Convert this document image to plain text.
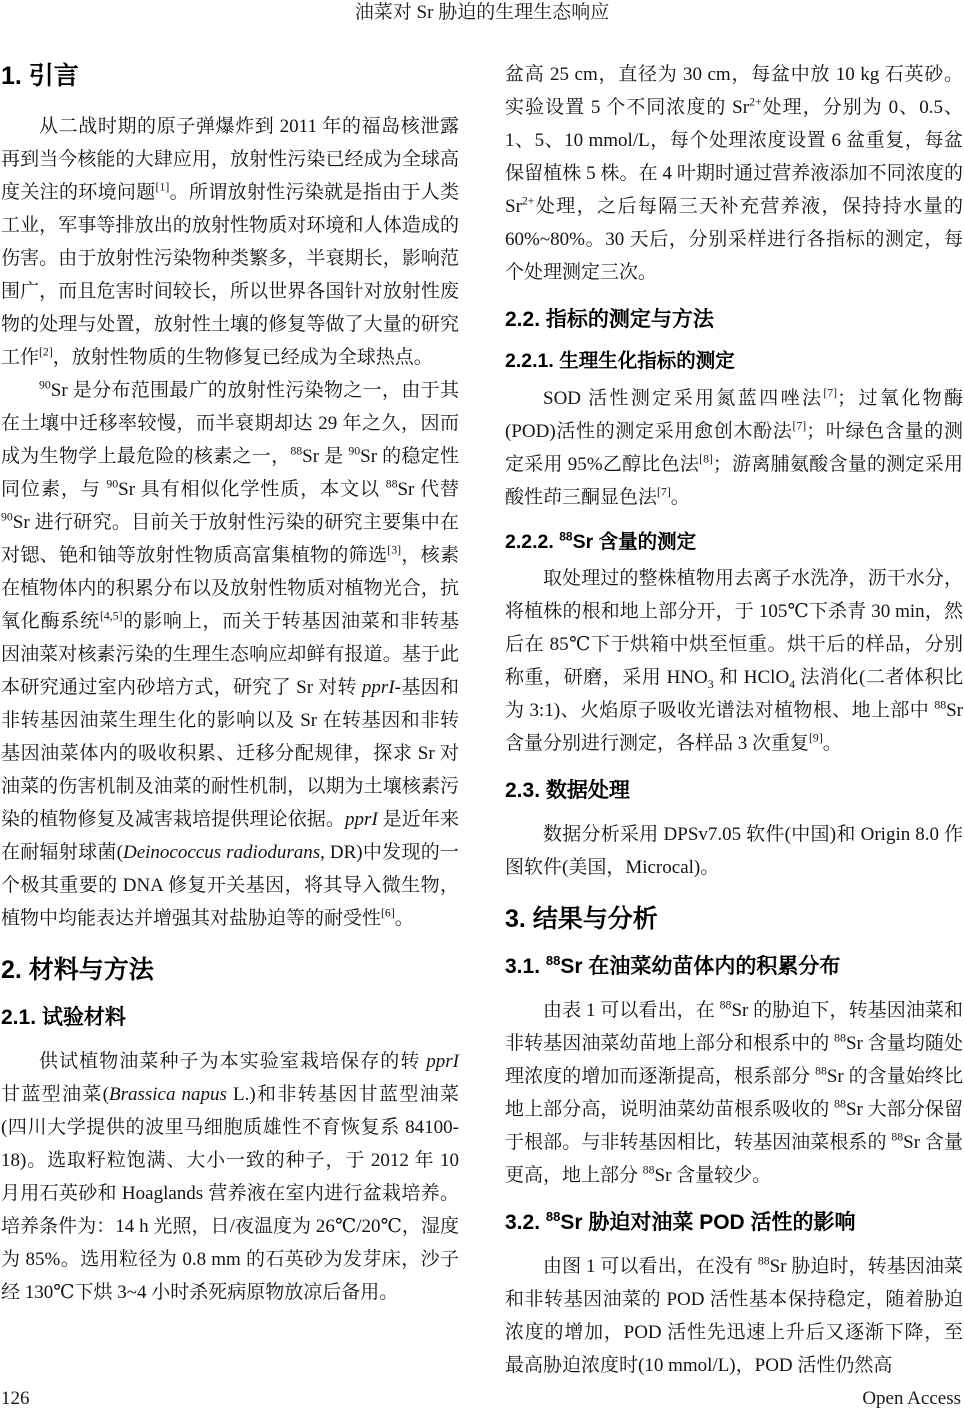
油菜对 Sr 胁迫的生理生态响应
1. 引言

从二战时期的原子弹爆炸到 2011 年的福岛核泄露再到当今核能的大肆应用，放射性污染已经成为全球高度关注的环境问题[1]。所谓放射性污染就是指由于人类工业，军事等排放出的放射性物质对环境和人体造成的伤害。由于放射性污染物种类繁多，半衰期长，影响范围广，而且危害时间较长，所以世界各国针对放射性废物的处理与处置，放射性土壤的修复等做了大量的研究工作[2]，放射性物质的生物修复已经成为全球热点。

$^{90}$Sr 是分布范围最广的放射性污染物之一，由于其在土壤中迁移率较慢，而半衰期却达 29 年之久，因而成为生物学上最危险的核素之一，$^{88}$Sr 是 $^{90}$Sr 的稳定性同位素，与 $^{90}$Sr 具有相似化学性质，本文以 $^{88}$Sr 代替 $^{90}$Sr 进行研究。目前关于放射性污染的研究主要集中在对锶、铯和铀等放射性物质高富集植物的筛选[3]，核素在植物体内的积累分布以及放射性物质对植物光合，抗氧化酶系统[4,5]的影响上，而关于转基因油菜和非转基因油菜对核素污染的生理生态响应却鲜有报道。基于此本研究通过室内砂培方式，研究了 Sr 对转 pprI-基因和非转基因油菜生理生化的影响以及 Sr 在转基因和非转基因油菜体内的吸收积累、迁移分配规律，探求 Sr 对油菜的伤害机制及油菜的耐性机制，以期为土壤核素污染的植物修复及减害栽培提供理论依据。pprI 是近年来在耐辐射球菌(Deinococcus radiodurans, DR)中发现的一个极其重要的 DNA 修复开关基因，将其导入微生物，植物中均能表达并增强其对盐胁迫等的耐受性[6]。

2. 材料与方法
2.1. 试验材料

供试植物油菜种子为本实验室栽培保存的转 pprI 甘蓝型油菜(Brassica napus L.)和非转基因甘蓝型油菜(四川大学提供的波里马细胞质雄性不育恢复系 84100-18)。选取籽粒饱满、大小一致的种子，于 2012 年 10 月用石英砂和 Hoaglands 营养液在室内进行盆栽培养。培养条件为：14 h 光照，日/夜温度为 26℃/20℃，湿度为 85%。选用粒径为 0.8 mm 的石英砂为发芽床，沙子经 130℃下烘 3~4 小时杀死病原物放凉后备用。

盆高 25 cm，直径为 30 cm，每盆中放 10 kg 石英砂。实验设置 5 个不同浓度的 $Sr^{2+}$处理，分别为 0、0.5、1、5、10 mmol/L，每个处理浓度设置 6 盆重复，每盆保留植株 5 株。在 4 叶期时通过营养液添加不同浓度的 $Sr^{2+}$处理，之后每隔三天补充营养液，保持持水量的 60%~80%。30 天后，分别采样进行各指标的测定，每个处理测定三次。

2.2. 指标的测定与方法
2.2.1. 生理生化指标的测定

SOD 活性测定采用氮蓝四唑法[7]；过氧化物酶(POD)活性的测定采用愈创木酚法[7]；叶绿色含量的测定采用 95%乙醇比色法[8]；游离脯氨酸含量的测定采用酸性茚三酮显色法[7]。

2.2.2. $^{88}$Sr 含量的测定

取处理过的整株植物用去离子水洗净，沥干水分，将植株的根和地上部分开，于 105℃下杀青 30 min，然后在 85℃下于烘箱中烘至恒重。烘干后的样品，分别称重，研磨，采用 $HNO_3$ 和 HClO$_4$ 法消化(二者体积比为 3:1)、火焰原子吸收光谱法对植物根、地上部中 $^{88}$Sr 含量分别进行测定，各样品 3 次重复[9]。

2.3. 数据处理

数据分析采用 DPSv7.05 软件(中国)和 Origin 8.0 作图软件(美国，Microcal)。

3. 结果与分析
3.1. $^{88}$Sr 在油菜幼苗体内的积累分布

由表 1 可以看出，在 $^{88}$Sr 的胁迫下，转基因油菜和非转基因油菜幼苗地上部分和根系中的 $^{88}$Sr 含量均随处理浓度的增加而逐渐提高，根系部分 $^{88}$Sr 的含量始终比地上部分高，说明油菜幼苗根系吸收的 $^{88}$Sr 大部分保留于根部。与非转基因相比，转基因油菜根系的 $^{88}$Sr 含量更高，地上部分 $^{88}$Sr 含量较少。

3.2. $^{88}$Sr 胁迫对油菜 POD 活性的影响

由图 1 可以看出，在没有 $^{88}$Sr 胁迫时，转基因油菜和非转基因油菜的 POD 活性基本保持稳定，随着胁迫浓度的增加，POD 活性先迅速上升后又逐渐下降，至最高胁迫浓度时(10 mmol/L)，POD 活性仍然高

126	Open Access
